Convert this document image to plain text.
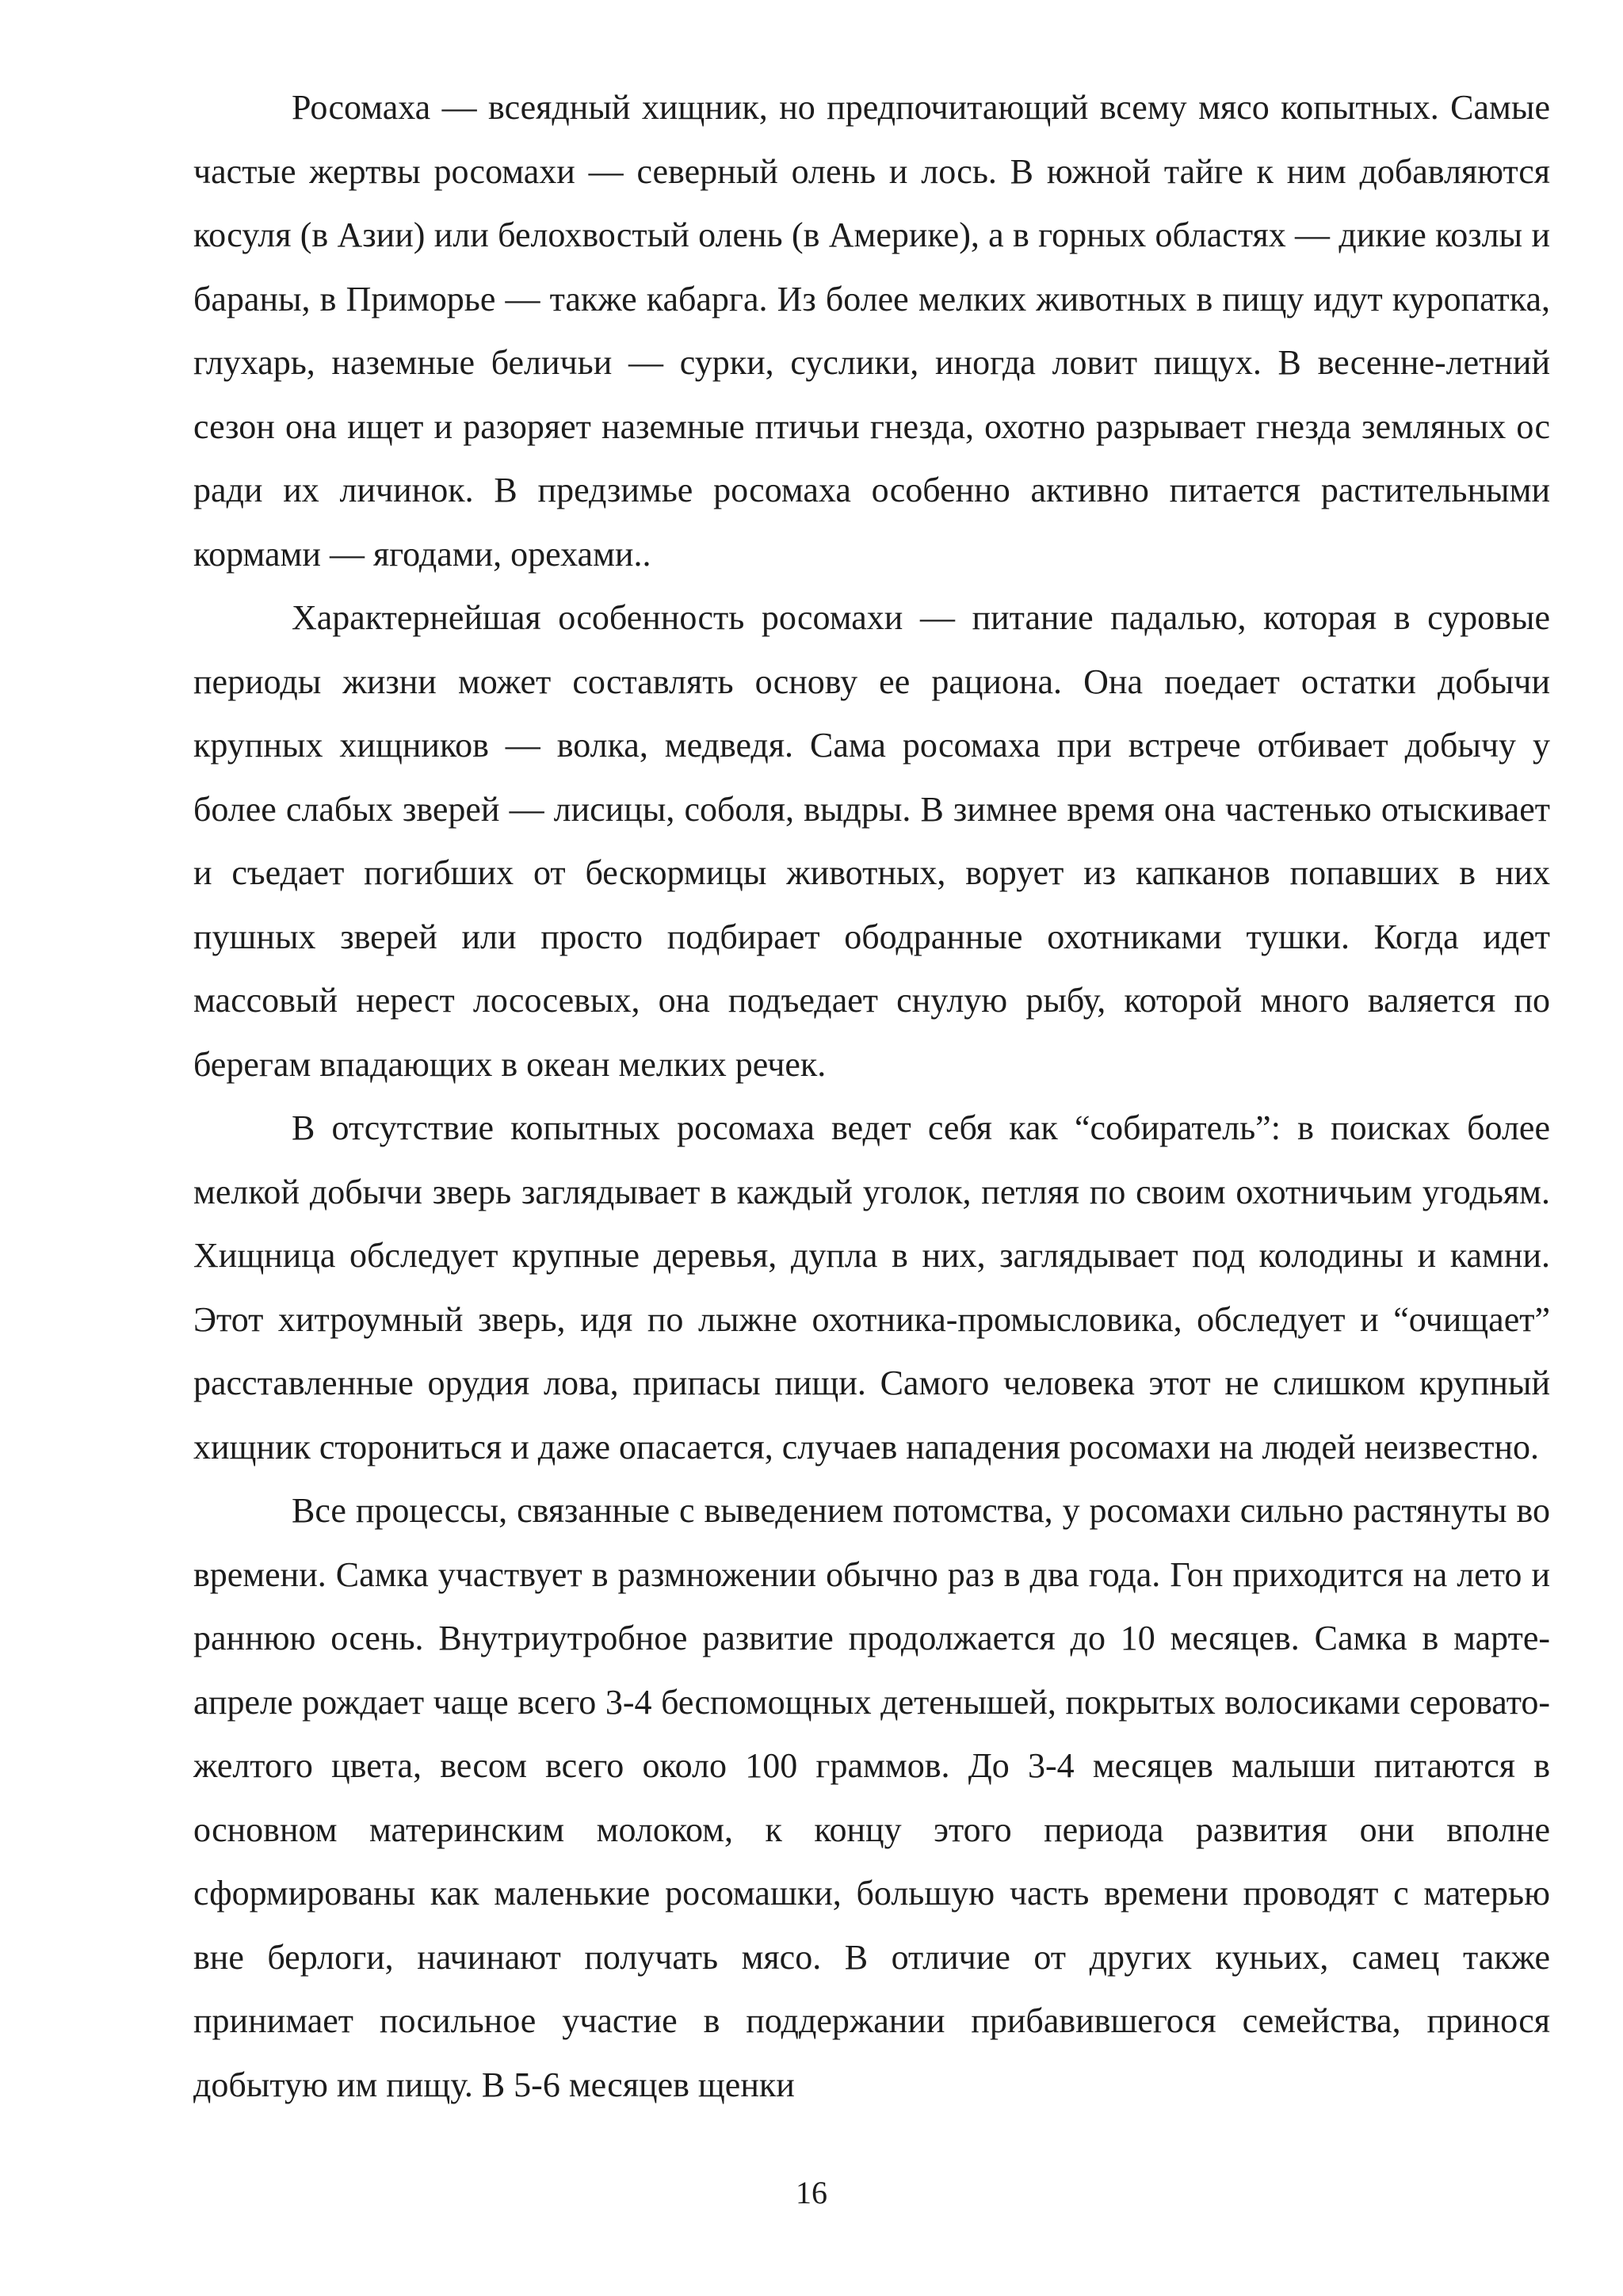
Росомаха — всеядный хищник, но предпочитающий всему мясо копытных. Самые частые жертвы росомахи — северный олень и лось. В южной тайге к ним добавляются косуля (в Азии) или белохвостый олень (в Америке), а в горных областях — дикие козлы и бараны, в Приморье — также кабарга. Из более мелких животных в пищу идут куропатка, глухарь, наземные беличьи — сурки, суслики, иногда ловит пищух. В весенне-летний сезон она ищет и разоряет наземные птичьи гнезда, охотно разрывает гнезда земляных ос ради их личинок. В предзимье росомаха особенно активно питается растительными кормами — ягодами, орехами..

Характернейшая особенность росомахи — питание падалью, которая в суровые периоды жизни может составлять основу ее рациона. Она поедает остатки добычи крупных хищников — волка, медведя. Сама росомаха при встрече отбивает добычу у более слабых зверей — лисицы, соболя, выдры. В зимнее время она частенько отыскивает и съедает погибших от бескормицы животных, ворует из капканов попавших в них пушных зверей или просто подбирает ободранные охотниками тушки. Когда идет массовый нерест лососевых, она подъедает снулую рыбу, которой много валяется по берегам впадающих в океан мелких речек.

В отсутствие копытных росомаха ведет себя как “собиратель”: в поисках более мелкой добычи зверь заглядывает в каждый уголок, петляя по своим охотничьим угодьям. Хищница обследует крупные деревья, дупла в них, заглядывает под колодины и камни. Этот хитроумный зверь, идя по лыжне охотника-промысловика, обследует и “очищает” расставленные орудия лова, припасы пищи. Самого человека этот не слишком крупный хищник сторониться и даже опасается, случаев нападения росомахи на людей неизвестно.

Все процессы, связанные с выведением потомства, у росомахи сильно растянуты во времени. Самка участвует в размножении обычно раз в два года. Гон приходится на лето и раннюю осень. Внутриутробное развитие продолжается до 10 месяцев. Самка в марте-апреле рождает чаще всего 3-4 беспомощных детенышей, покрытых волосиками серовато-желтого цвета, весом всего около 100 граммов. До 3-4 месяцев малыши питаются в основном материнским молоком, к концу этого периода развития они вполне сформированы как маленькие росомашки, большую часть времени проводят с матерью вне берлоги, начинают получать мясо. В отличие от других куньих, самец также принимает посильное участие в поддержании прибавившегося семейства, принося добытую им пищу. В 5-6 месяцев щенки

16
